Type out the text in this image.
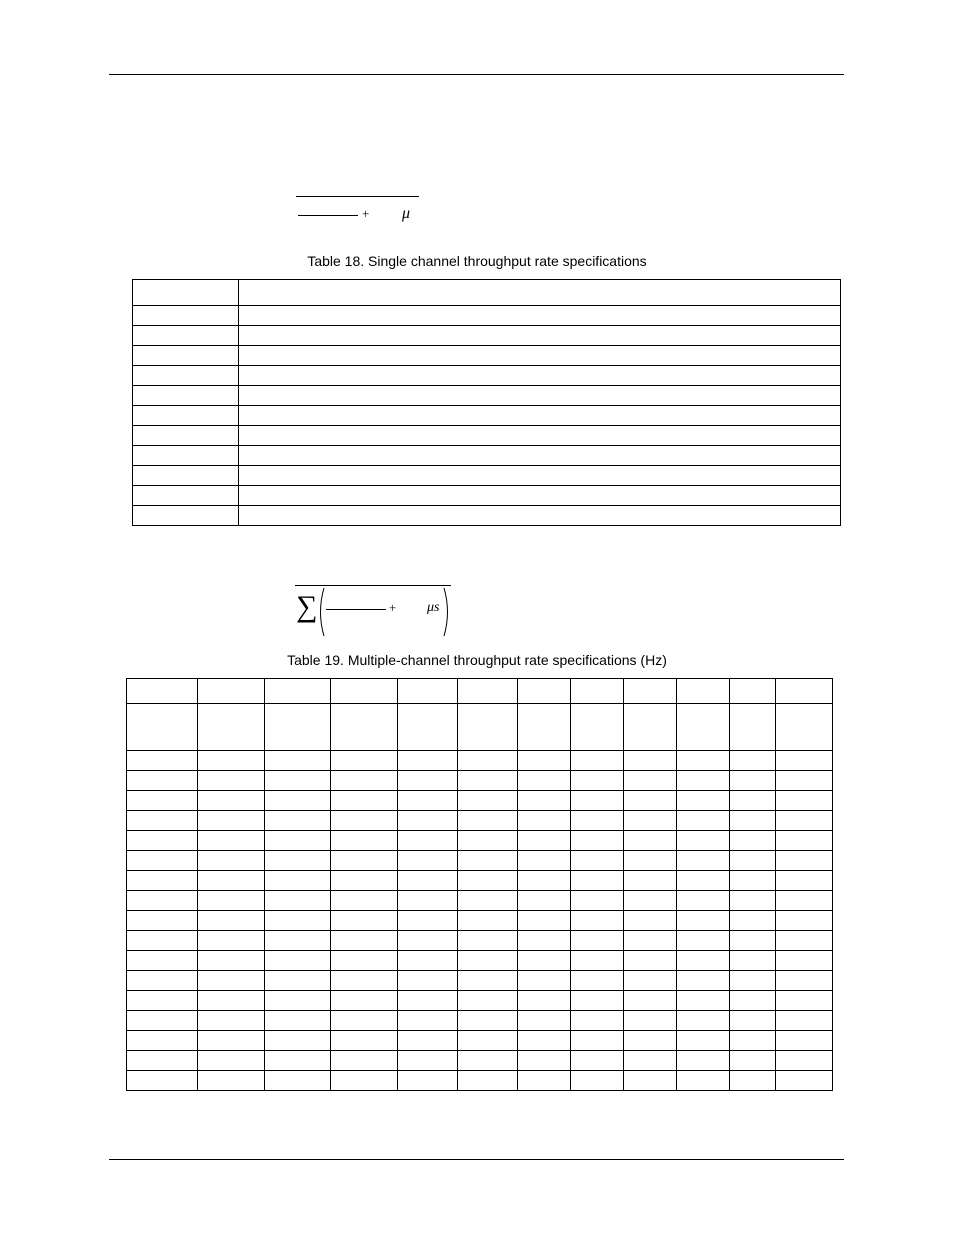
+ μ
Table 18. Single channel throughput rate specifications

∑	+ μs
Table 19. Multiple-channel throughput rate specifications (Hz)
